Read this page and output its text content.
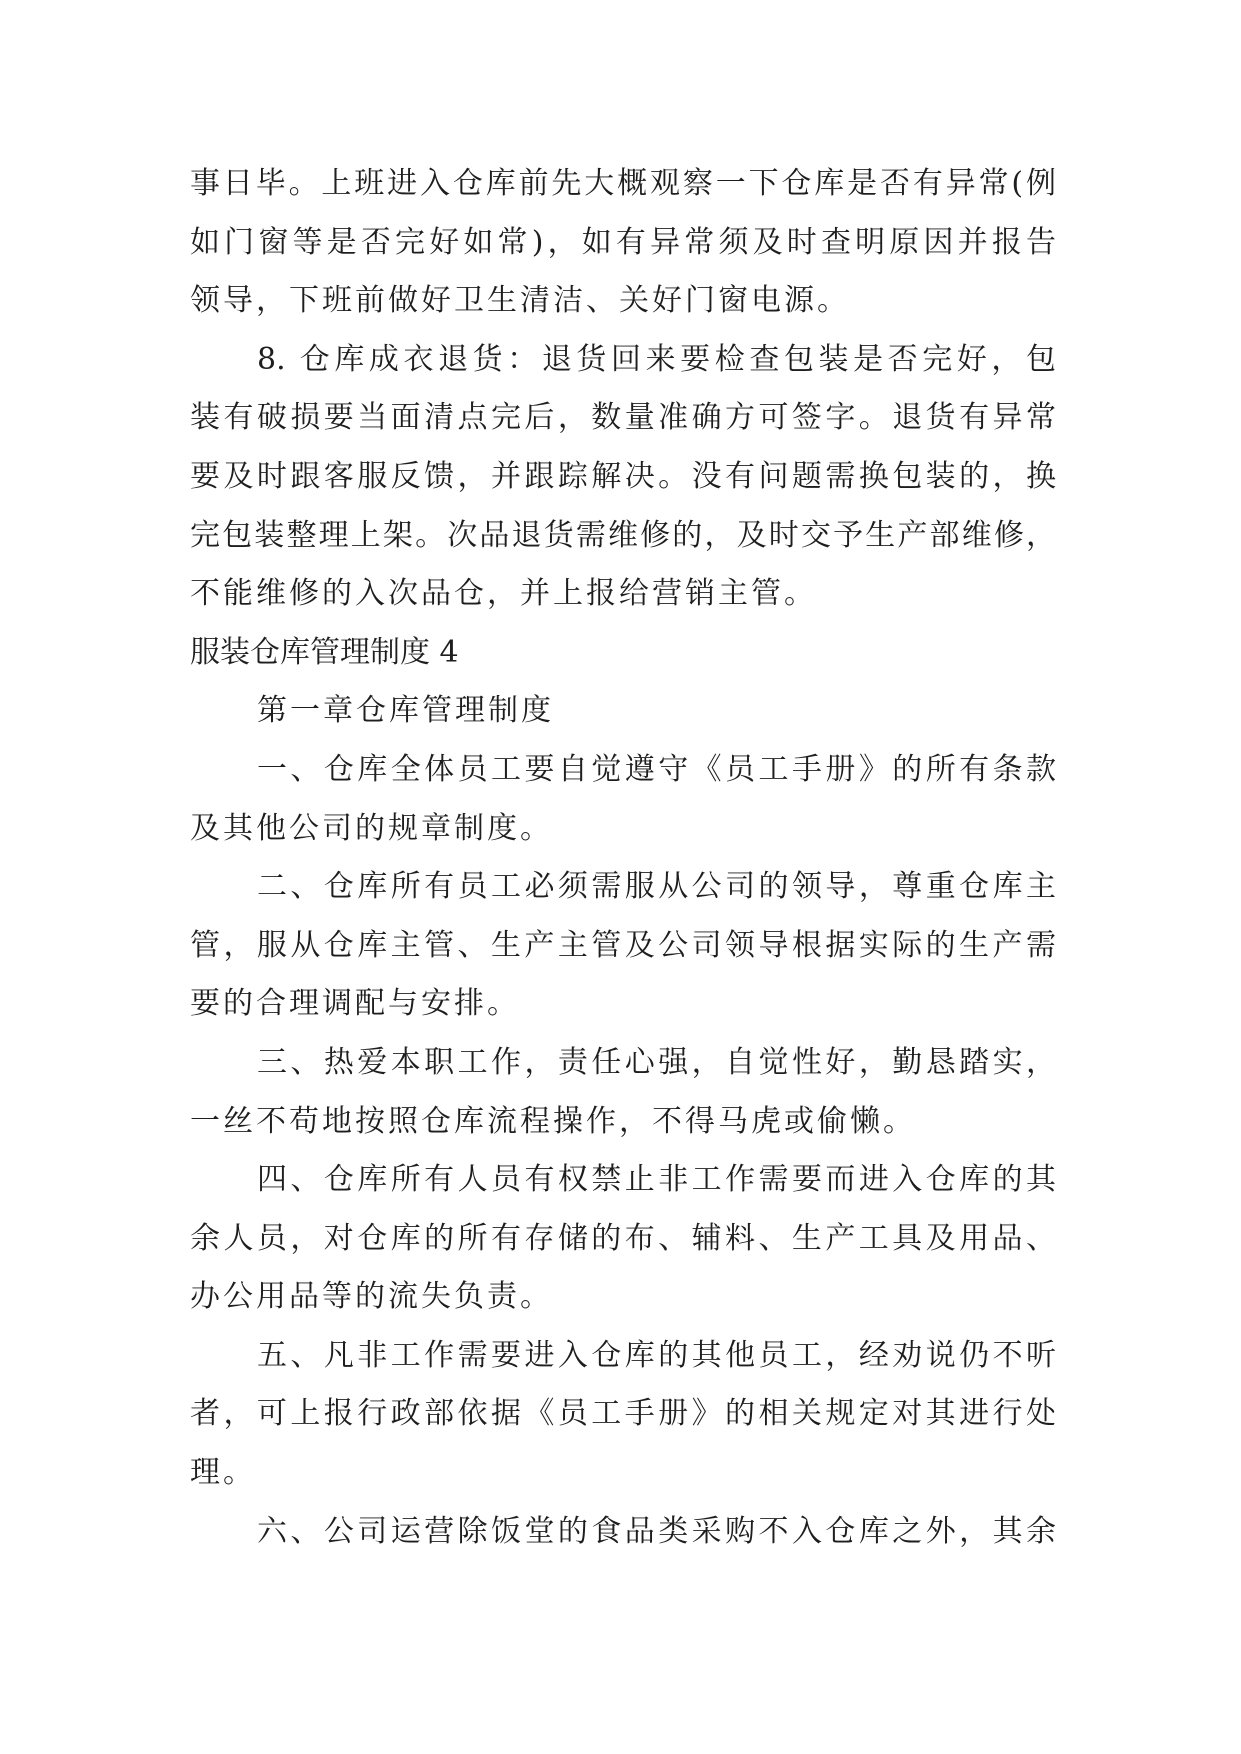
事日毕。上班进入仓库前先大概观察一下仓库是否有异常(例
如门窗等是否完好如常)，如有异常须及时查明原因并报告
领导，下班前做好卫生清洁、关好门窗电源。
8. 仓库成衣退货：退货回来要检查包装是否完好，包
装有破损要当面清点完后，数量准确方可签字。退货有异常
要及时跟客服反馈，并跟踪解决。没有问题需换包装的，换
完包装整理上架。次品退货需维修的，及时交予生产部维修，
不能维修的入次品仓，并上报给营销主管。
服装仓库管理制度 4
第一章仓库管理制度
一、仓库全体员工要自觉遵守《员工手册》的所有条款
及其他公司的规章制度。
二、仓库所有员工必须需服从公司的领导，尊重仓库主
管，服从仓库主管、生产主管及公司领导根据实际的生产需
要的合理调配与安排。
三、热爱本职工作，责任心强，自觉性好，勤恳踏实，
一丝不苟地按照仓库流程操作，不得马虎或偷懒。
四、仓库所有人员有权禁止非工作需要而进入仓库的其
余人员，对仓库的所有存储的布、辅料、生产工具及用品、
办公用品等的流失负责。
五、凡非工作需要进入仓库的其他员工，经劝说仍不听
者，可上报行政部依据《员工手册》的相关规定对其进行处
理。
六、公司运营除饭堂的食品类采购不入仓库之外，其余
